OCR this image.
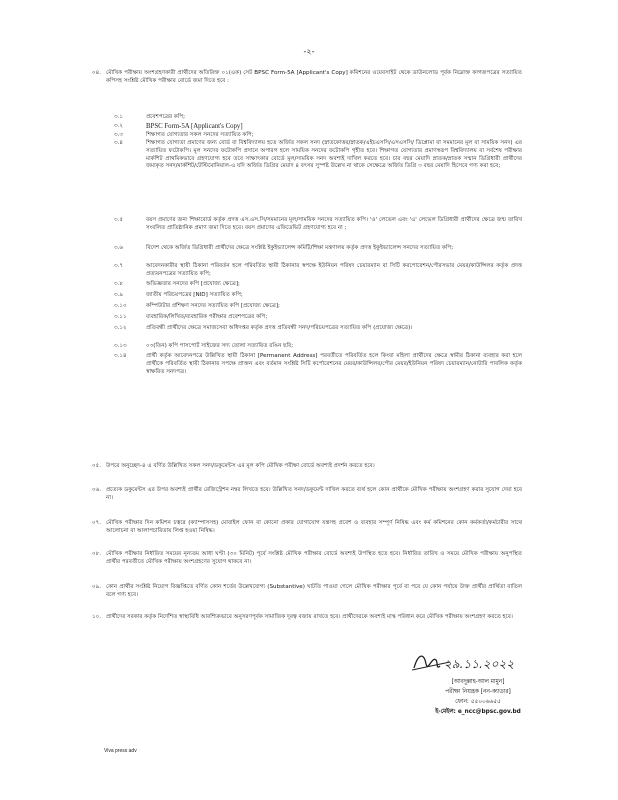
-২-
০৪. মৌখিক পরীক্ষায় অংশগ্রহণকারী প্রার্থীদের অতিরিক্ত ০১(এক) সেট BPSC Form-5A [Applicant's Copy] কমিশনের ওয়েবসাইট থেকে ডাউনলোড পূর্বক নিম্নোক্ত কাগজপত্রের সত্যায়িত কপিসহ সংশ্লিষ্ট মৌখিক পরীক্ষার বোর্ডে জমা দিতে হবে :
৩.১	প্রবেশপত্রের কপি;
৩.২	BPSC Form-5A [Applicant's Copy]
৩.৩	শিক্ষাগত যোগ্যতার সকল সনদের সত্যায়িত কপি;
৩.৪	শিক্ষাগত যোগ্যতা প্রমাণের জন্য বোর্ড বা বিশ্ববিদ্যালয় হতে অর্জিত সকল সনদ (স্নাতকোত্তর/স্নাতক/এইচএসসি/এসএসসি/ ডিপ্লোমা বা সমমানের মূল বা সাময়িক সনদ) এর সত্যায়িত ফটোকপি। মূল সনদের ফটোকপি প্রদানে অপারগ হলে সাময়িক সনদের ফটোকপি গৃহীত হবে। শিক্ষাগত যোগ্যতার প্রমাণস্বরূপ বিশ্ববিদ্যালয় বা সর্বশেষ পরীক্ষার মার্কশিট প্রাথমিকভাবে গ্রহণযোগ্য হবে তবে সাক্ষাৎকার বোর্ডে মূল/সাময়িক সনদ অবশ্যই দাখিল করতে হবে। চার বছর মেয়াদি স্নাতক/স্নাতক সম্মান ডিগ্রিধারী প্রার্থীদের জমাকৃত সনদ/মার্কশিট/টেস্টিমোনিয়াল-এ যদি অর্জিত ডিগ্রির মেয়াদ ৪ বৎসর সুস্পষ্ট উল্লেখ না থাকে সেক্ষেত্রে অর্জিত ডিগ্রি ৩ বছর মেয়াদি হিসেবে গণ্য করা হবে;
৩.৫	বয়স প্রমাণের জন্য শিক্ষাবোর্ড কর্তৃক প্রদত্ত এস.এস.সি/সমমানের মূল/সাময়িক সনদের সত্যায়িত কপি। 'ও' লেভেল এবং 'এ' লেভেল ডিগ্রিধারী প্রার্থীদের ক্ষেত্রে জন্ম তারিখ সংবলিত প্রাতিষ্ঠানিক প্রমাণ জমা দিতে হবে। বয়স প্রমাণের এফিডেভিট গ্রহণযোগ্য হবে না ;
৩.৬	বিদেশ থেকে অর্জিত ডিগ্রিধারী প্রার্থীদের ক্ষেত্রে সংশ্লিষ্ট ইকুইভ্যালেন্স কমিটি/শিক্ষা মন্ত্রণালয় কর্তৃক প্রদত্ত ইকুইভ্যালেন্স সনদের সত্যায়িত কপি;
৩.৭	আবেদনকারীর স্থায়ী ঠিকানা পরিবর্তন হলে পরিবর্তিত স্থায়ী ঠিকানার স্বপক্ষে ইউনিয়ন পরিষদ চেয়ারম্যান বা সিটি করপোরেশন/পৌরসভার মেয়র/কাউন্সিলর কর্তৃক প্রদত্ত প্রত্যয়নপত্রের সত্যায়িত কপি;
৩.৮	অভিজ্ঞতার সনদের কপি [প্রযোজ্য ক্ষেত্রে];
৩.৯	জাতীয় পরিচয়পত্রের [NID] সত্যায়িত কপি;
৩.১০	কম্পিউটার প্রশিক্ষণ সনদের সত্যায়িত কপি [প্রযোজ্য ক্ষেত্রে];
৩.১১	ব্যবহারিক/লিখিত/ব্যবহারিক পরীক্ষার প্রবেশপত্রের কপি;
৩.১২	প্রতিবন্ধী প্রার্থীদের ক্ষেত্রে সমাজসেবা অধিদপ্তর কর্তৃক প্রদত্ত প্রতিবন্ধী সনদ/পরিচয়পত্রের সত্যায়িত কপি (প্রযোজ্য ক্ষেত্রে)।
৩.১৩	০৩(তিন) কপি পাসপোর্ট সাইজের সদ্য তোলা সত্যায়িত রঙিন ছবি;
৩.১৪	প্রার্থী কর্তৃক আবেদনপত্রে উল্লিখিত স্থায়ী ঠিকানা [Permanent Address] পরবর্তীতে পরিবর্তিত হলে কিংবা মহিলা প্রার্থীদের ক্ষেত্রে স্বামীর ঠিকানা ব্যবহার করা হলে প্রার্থীকে পরিবর্তিত স্থায়ী ঠিকানার সপক্ষে প্রাক্তন এবং বর্তমান সংশ্লিষ্ট সিটি কর্পোরেশনের মেয়র/কাউন্সিলর/পৌর মেয়র/ইউনিয়ন পরিষদ চেয়ারম্যান/নোটারি পাবলিক কর্তৃক স্বাক্ষরিত সনদপত্র।
০৫. উপরে অনুচ্ছেদ-৪ এ বর্ণিত উল্লিখিত সকল সনদ/ডকুমেন্টস এর মূল কপি মৌখিক পরীক্ষা বোর্ডে অবশ্যই প্রদর্শন করতে হবে।
০৬. প্রত্যেক ডকুমেন্টস এর উপর অবশ্যই প্রার্থীর রেজিস্ট্রেশন নম্বর লিখতে হবে। উল্লিখিত সনদ/ডকুমেন্ট দাখিল করতে ব্যর্থ হলে কোন প্রার্থীকে মৌখিক পরীক্ষায় অংশগ্রহণ করার সুযোগ দেয়া হবে না।
০৭. মৌখিক পরীক্ষার দিন কমিশন চত্বরে (ক্যাম্পাসসহ) মোবাইল ফোন বা কোনো প্রকার যোগাযোগ যন্ত্রসহ প্রবেশ ও ব্যবহার সম্পূর্ণ নিষিদ্ধ এবং কর্ম কমিশনের কোন কর্মকর্তা/কর্মচারীর সাথে আলোচনা বা আলাপচারিতায় লিপ্ত হওয়া নিষিদ্ধ।
০৮. মৌখিক পরীক্ষার নির্ধারিত সময়ের নূন্যতম আধা ঘণ্টা (৩০ মিনিট) পূর্বে সংশ্লিষ্ট মৌখিক পরীক্ষার বোর্ডে অবশ্যই উপস্থিত হতে হবে। নির্ধারিত তারিখ ও সময়ে মৌখিক পরীক্ষায় অনুপস্থিত প্রার্থীর পরবর্তীতে মৌখিক পরীক্ষায় অংশগ্রহণের সুযোগ থাকবে না।
০৯. কোন প্রার্থীর সংশ্লিষ্ট নিয়োগ বিজ্ঞপ্তিতে বর্ণিত কোন শর্তের উল্লেখযোগ্য (Substantive) ঘাটতি পাওয়া গেলে মৌখিক পরীক্ষার পূর্বে বা পরে যে কোন পর্যায়ে উক্ত প্রার্থীর প্রার্থিতা বাতিল বলে গণ্য হবে।
১০. প্রার্থীদের সরকার কর্তৃক নির্দেশিত স্বাস্থ্যবিধি আবশ্যিকভাবে অনুসরণপূর্বক সামাজিক দূরত্ব বজায় রাখতে হবে। প্রার্থীদেরকে অবশ্যই মাস্ক পরিধান করে মৌখিক পরীক্ষায় অংশগ্রহণ করতে হবে।
২৯.১১.২০২২
[আবদুল্লাহ-আল মামুন]
পরীক্ষা নিয়ন্ত্রক [নন-ক্যাডার]
ফোন: ৫৫০০৬৬৫৫
ই-মেইল: e_ncc@bpsc.gov.bd
Viva press adv
